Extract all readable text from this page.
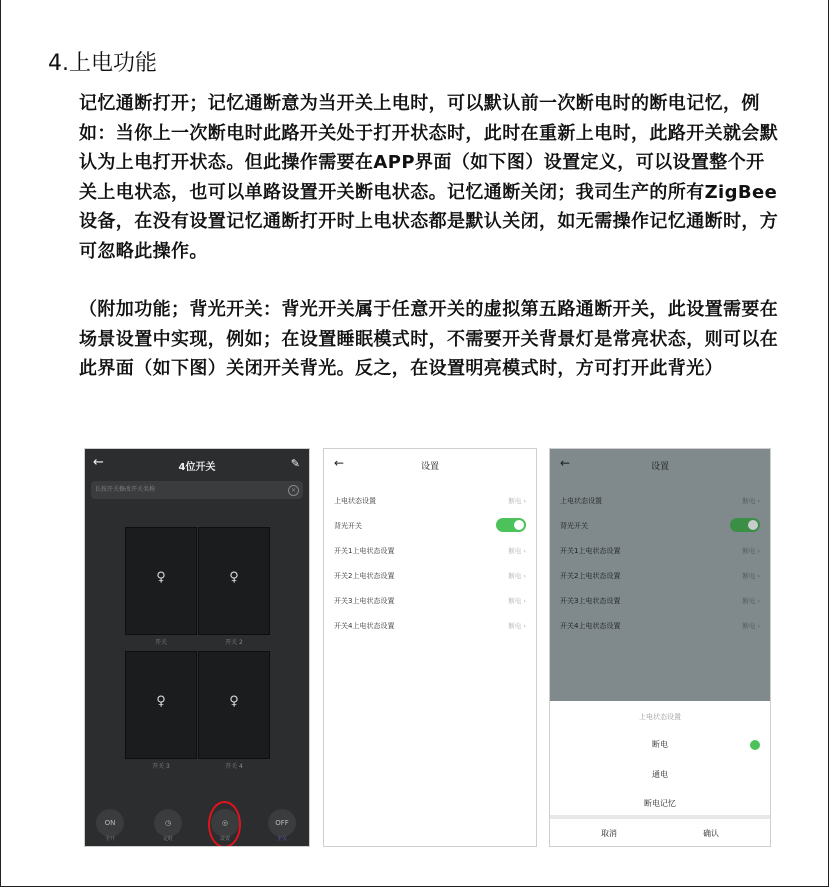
4.上电功能
记忆通断打开；记忆通断意为当开关上电时，可以默认前一次断电时的断电记忆，例如：当你上一次断电时此路开关处于打开状态时，此时在重新上电时，此路开关就会默认为上电打开状态。但此操作需要在APP界面（如下图）设置定义，可以设置整个开关上电状态，也可以单路设置开关断电状态。记忆通断关闭；我司生产的所有ZigBee设备，在没有设置记忆通断打开时上电状态都是默认关闭，如无需操作记忆通断时，方可忽略此操作。
（附加功能；背光开关：背光开关属于任意开关的虚拟第五路通断开关，此设置需要在场景设置中实现，例如；在设置睡眠模式时，不需要开关背景灯是常亮状态，则可以在此界面（如下图）关闭开关背光。反之，在设置明亮模式时，方可打开此背光）
←	4位开关	✎
长按开关修改开关名称	×
♀	♀
开关	开关 2
♀	♀
开关 3	开关 4
ON
全开
◷
定时
◎
设置
OFF
全关
←	设置
上电状态设置	断电 ›
背光开关
开关1上电状态设置	断电 ›
开关2上电状态设置	断电 ›
开关3上电状态设置	断电 ›
开关4上电状态设置	断电 ›
←	设置
上电状态设置	断电 ›
背光开关
开关1上电状态设置	断电 ›
开关2上电状态设置	断电 ›
开关3上电状态设置	断电 ›
开关4上电状态设置	断电 ›
上电状态设置
断电
通电
断电记忆
取消	确认
